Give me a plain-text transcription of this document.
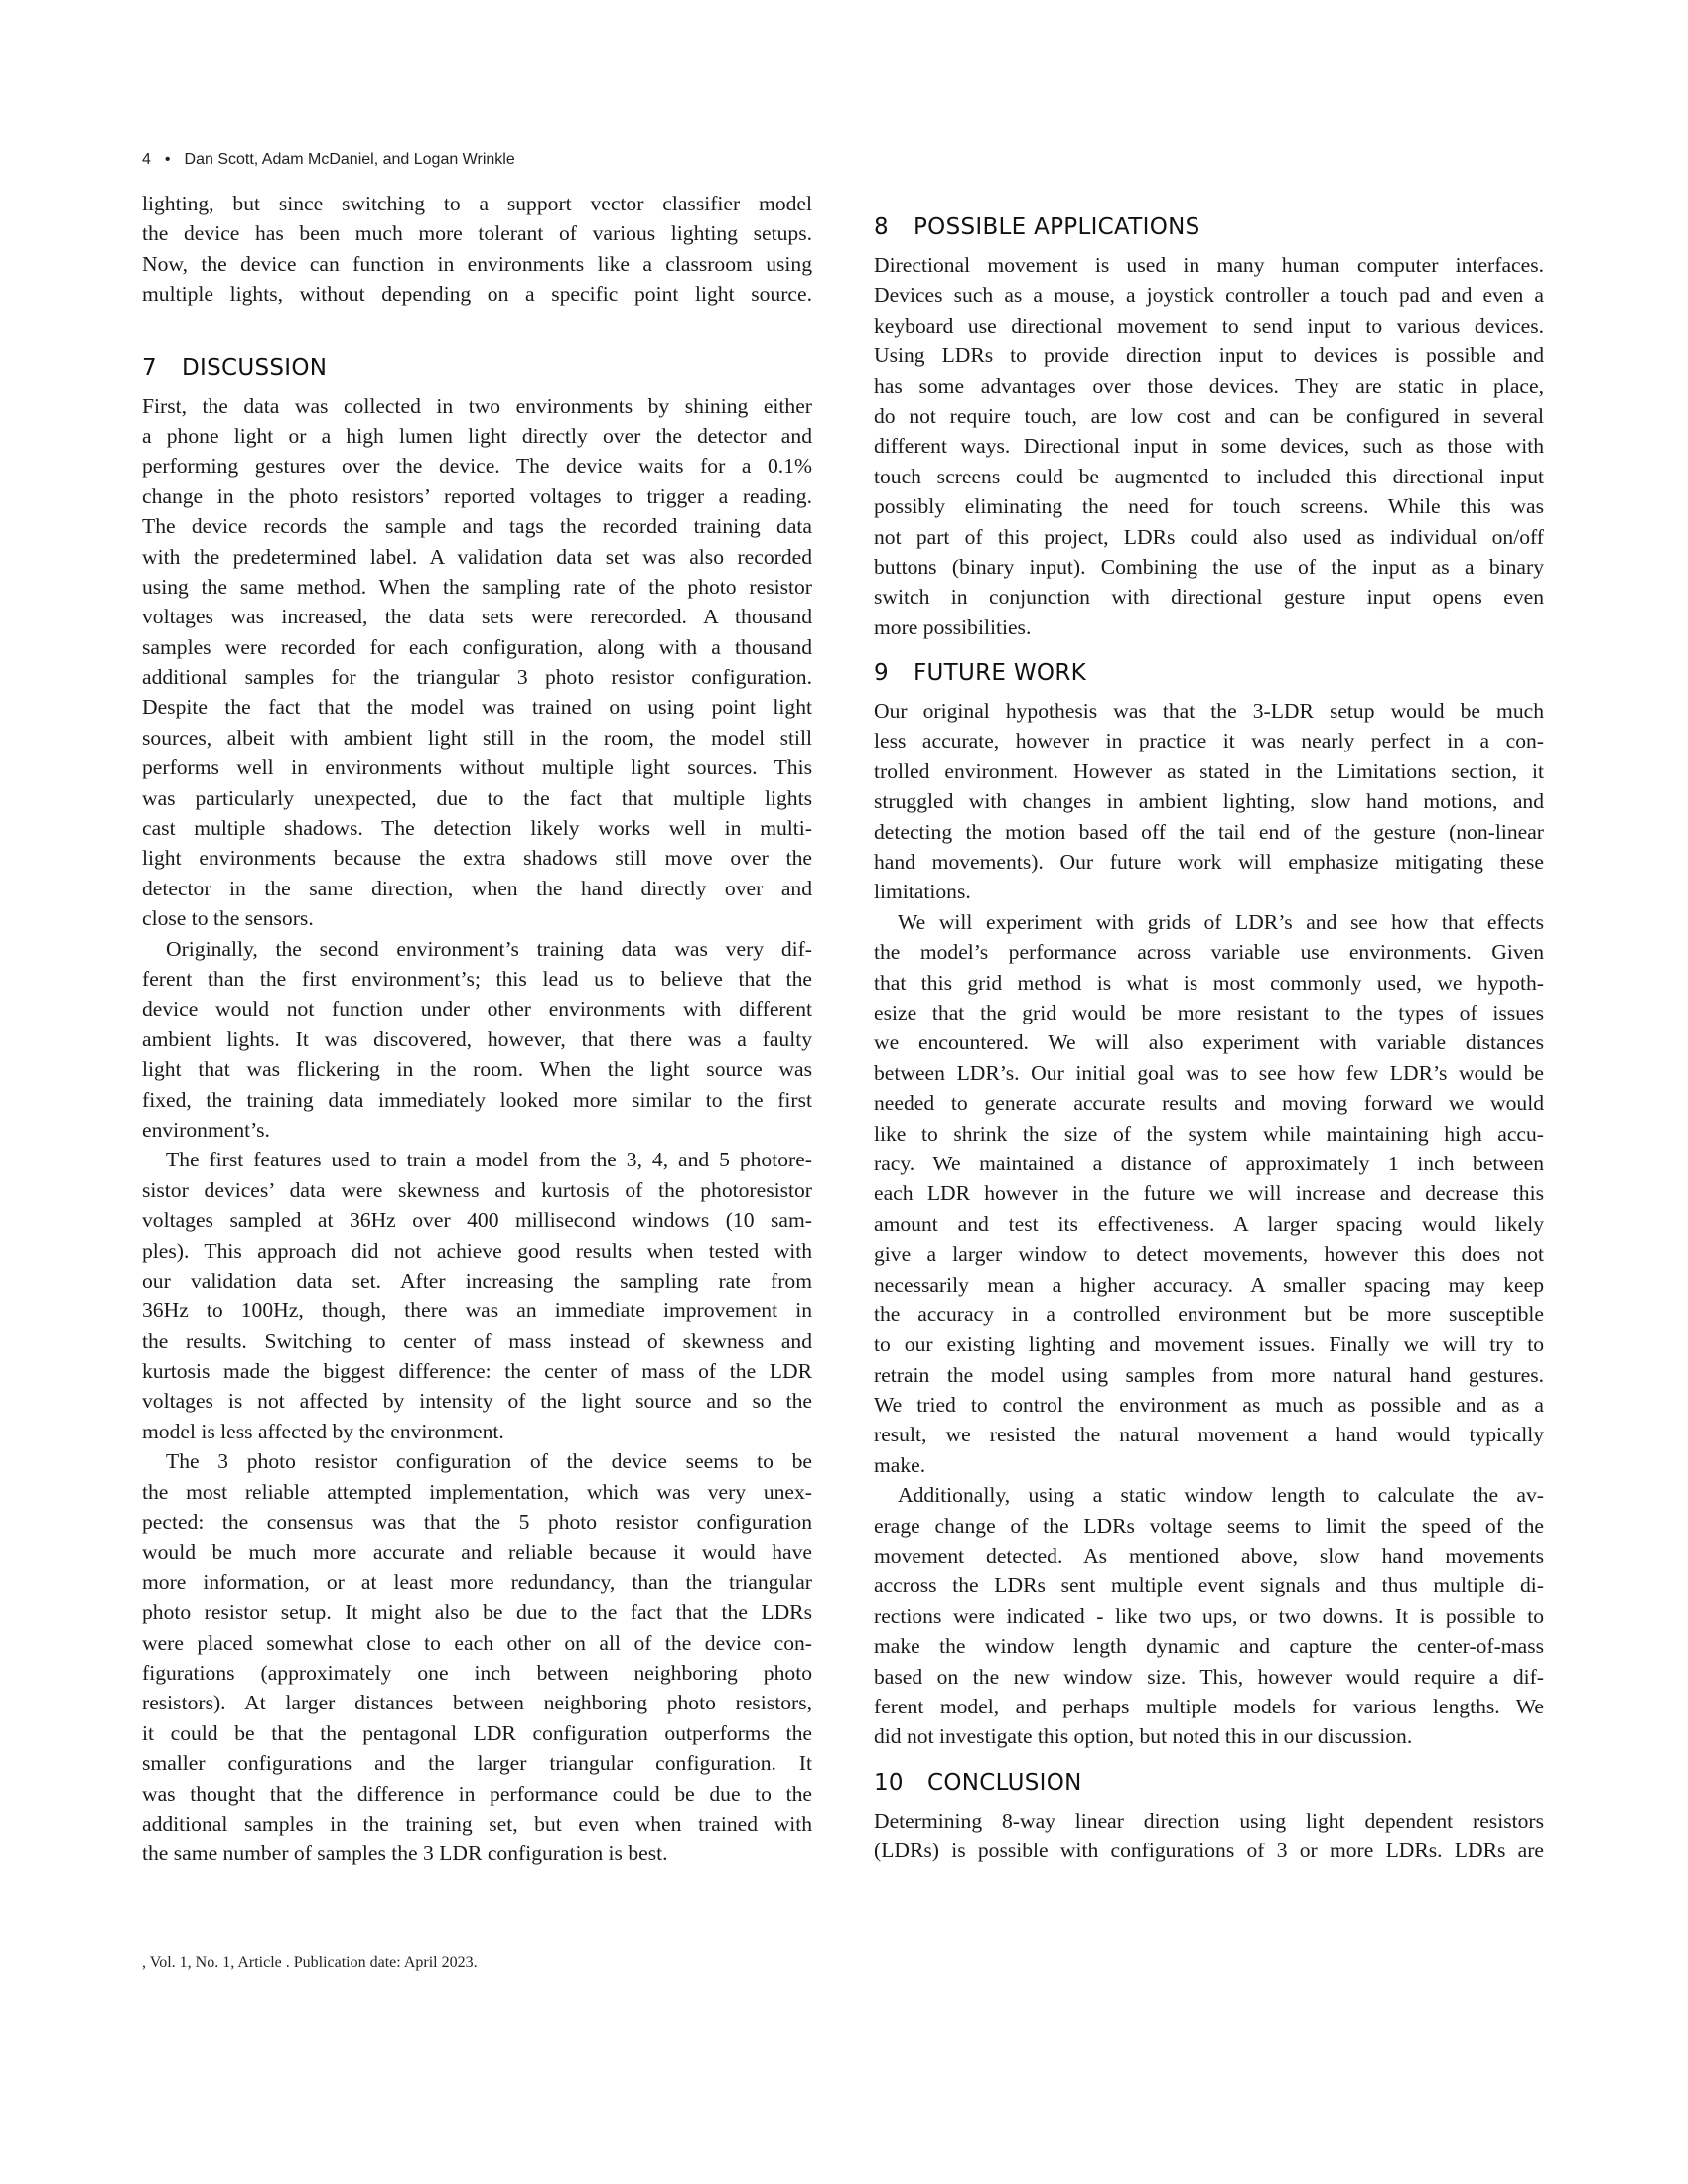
4 • Dan Scott, Adam McDaniel, and Logan Wrinkle
lighting, but since switching to a support vector classifier model
the device has been much more tolerant of various lighting setups.
Now, the device can function in environments like a classroom using
multiple lights, without depending on a specific point light source.
7 DISCUSSION
First, the data was collected in two environments by shining either
a phone light or a high lumen light directly over the detector and
performing gestures over the device. The device waits for a 0.1%
change in the photo resistors’ reported voltages to trigger a reading.
The device records the sample and tags the recorded training data
with the predetermined label. A validation data set was also recorded
using the same method. When the sampling rate of the photo resistor
voltages was increased, the data sets were rerecorded. A thousand
samples were recorded for each configuration, along with a thousand
additional samples for the triangular 3 photo resistor configuration.
Despite the fact that the model was trained on using point light
sources, albeit with ambient light still in the room, the model still
performs well in environments without multiple light sources. This
was particularly unexpected, due to the fact that multiple lights
cast multiple shadows. The detection likely works well in multi-
light environments because the extra shadows still move over the
detector in the same direction, when the hand directly over and
close to the sensors.
Originally, the second environment’s training data was very dif-
ferent than the first environment’s; this lead us to believe that the
device would not function under other environments with different
ambient lights. It was discovered, however, that there was a faulty
light that was flickering in the room. When the light source was
fixed, the training data immediately looked more similar to the first
environment’s.
The first features used to train a model from the 3, 4, and 5 photore-
sistor devices’ data were skewness and kurtosis of the photoresistor
voltages sampled at 36Hz over 400 millisecond windows (10 sam-
ples). This approach did not achieve good results when tested with
our validation data set. After increasing the sampling rate from
36Hz to 100Hz, though, there was an immediate improvement in
the results. Switching to center of mass instead of skewness and
kurtosis made the biggest difference: the center of mass of the LDR
voltages is not affected by intensity of the light source and so the
model is less affected by the environment.
The 3 photo resistor configuration of the device seems to be
the most reliable attempted implementation, which was very unex-
pected: the consensus was that the 5 photo resistor configuration
would be much more accurate and reliable because it would have
more information, or at least more redundancy, than the triangular
photo resistor setup. It might also be due to the fact that the LDRs
were placed somewhat close to each other on all of the device con-
figurations (approximately one inch between neighboring photo
resistors). At larger distances between neighboring photo resistors,
it could be that the pentagonal LDR configuration outperforms the
smaller configurations and the larger triangular configuration. It
was thought that the difference in performance could be due to the
additional samples in the training set, but even when trained with
the same number of samples the 3 LDR configuration is best.
8 POSSIBLE APPLICATIONS
Directional movement is used in many human computer interfaces.
Devices such as a mouse, a joystick controller a touch pad and even a
keyboard use directional movement to send input to various devices.
Using LDRs to provide direction input to devices is possible and
has some advantages over those devices. They are static in place,
do not require touch, are low cost and can be configured in several
different ways. Directional input in some devices, such as those with
touch screens could be augmented to included this directional input
possibly eliminating the need for touch screens. While this was
not part of this project, LDRs could also used as individual on/off
buttons (binary input). Combining the use of the input as a binary
switch in conjunction with directional gesture input opens even
more possibilities.
9 FUTURE WORK
Our original hypothesis was that the 3-LDR setup would be much
less accurate, however in practice it was nearly perfect in a con-
trolled environment. However as stated in the Limitations section, it
struggled with changes in ambient lighting, slow hand motions, and
detecting the motion based off the tail end of the gesture (non-linear
hand movements). Our future work will emphasize mitigating these
limitations.
We will experiment with grids of LDR’s and see how that effects
the model’s performance across variable use environments. Given
that this grid method is what is most commonly used, we hypoth-
esize that the grid would be more resistant to the types of issues
we encountered. We will also experiment with variable distances
between LDR’s. Our initial goal was to see how few LDR’s would be
needed to generate accurate results and moving forward we would
like to shrink the size of the system while maintaining high accu-
racy. We maintained a distance of approximately 1 inch between
each LDR however in the future we will increase and decrease this
amount and test its effectiveness. A larger spacing would likely
give a larger window to detect movements, however this does not
necessarily mean a higher accuracy. A smaller spacing may keep
the accuracy in a controlled environment but be more susceptible
to our existing lighting and movement issues. Finally we will try to
retrain the model using samples from more natural hand gestures.
We tried to control the environment as much as possible and as a
result, we resisted the natural movement a hand would typically
make.
Additionally, using a static window length to calculate the av-
erage change of the LDRs voltage seems to limit the speed of the
movement detected. As mentioned above, slow hand movements
accross the LDRs sent multiple event signals and thus multiple di-
rections were indicated - like two ups, or two downs. It is possible to
make the window length dynamic and capture the center-of-mass
based on the new window size. This, however would require a dif-
ferent model, and perhaps multiple models for various lengths. We
did not investigate this option, but noted this in our discussion.
10 CONCLUSION
Determining 8-way linear direction using light dependent resistors
(LDRs) is possible with configurations of 3 or more LDRs. LDRs are
, Vol. 1, No. 1, Article . Publication date: April 2023.
